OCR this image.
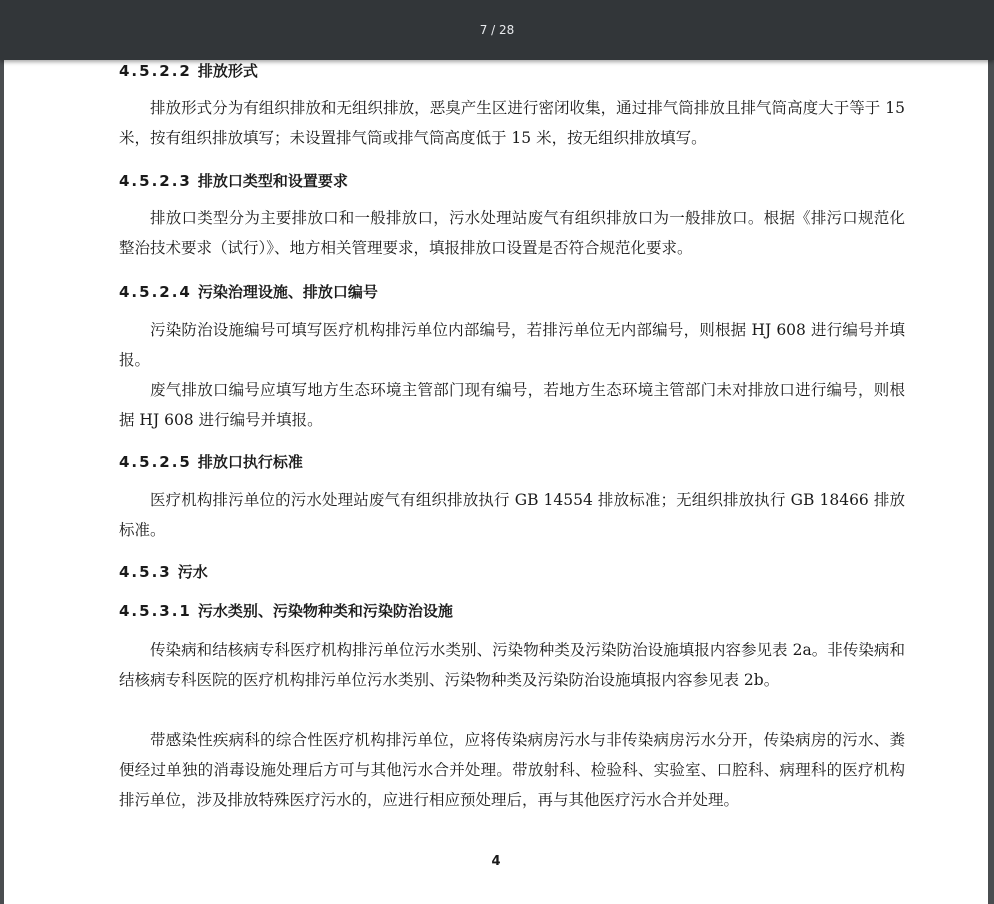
7 / 28
4.5.2.2 排放形式
排放形式分为有组织排放和无组织排放，恶臭产生区进行密闭收集，通过排气筒排放且排气筒高度大于等于 15 米，按有组织排放填写；未设置排气筒或排气筒高度低于 15 米，按无组织排放填写。
4.5.2.3 排放口类型和设置要求
排放口类型分为主要排放口和一般排放口，污水处理站废气有组织排放口为一般排放口。根据《排污口规范化整治技术要求（试行）》、地方相关管理要求，填报排放口设置是否符合规范化要求。
4.5.2.4 污染治理设施、排放口编号
污染防治设施编号可填写医疗机构排污单位内部编号，若排污单位无内部编号，则根据 HJ 608 进行编号并填报。
废气排放口编号应填写地方生态环境主管部门现有编号，若地方生态环境主管部门未对排放口进行编号，则根据 HJ 608 进行编号并填报。
4.5.2.5 排放口执行标准
医疗机构排污单位的污水处理站废气有组织排放执行 GB 14554 排放标准；无组织排放执行 GB 18466 排放标准。
4.5.3 污水
4.5.3.1 污水类别、污染物种类和污染防治设施
传染病和结核病专科医疗机构排污单位污水类别、污染物种类及污染防治设施填报内容参见表 2a。非传染病和结核病专科医院的医疗机构排污单位污水类别、污染物种类及污染防治设施填报内容参见表 2b。
带感染性疾病科的综合性医疗机构排污单位，应将传染病房污水与非传染病房污水分开，传染病房的污水、粪便经过单独的消毒设施处理后方可与其他污水合并处理。带放射科、检验科、实验室、口腔科、病理科的医疗机构排污单位，涉及排放特殊医疗污水的，应进行相应预处理后，再与其他医疗污水合并处理。
4
